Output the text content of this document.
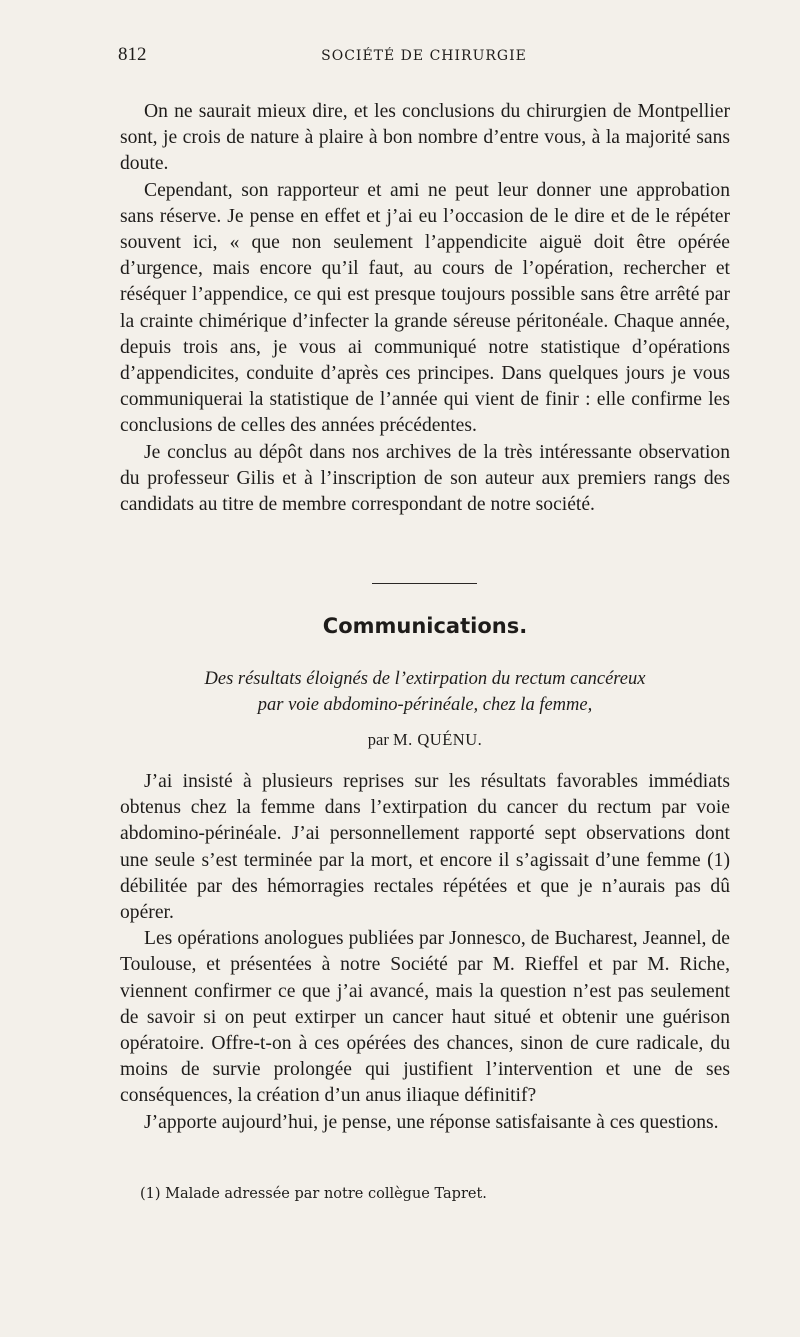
812	SOCIÉTÉ DE CHIRURGIE

On ne saurait mieux dire, et les conclusions du chirurgien de Montpellier sont, je crois de nature à plaire à bon nombre d’entre vous, à la majorité sans doute.

Cependant, son rapporteur et ami ne peut leur donner une approbation sans réserve. Je pense en effet et j’ai eu l’occasion de le dire et de le répéter souvent ici, « que non seulement l’appendicite aiguë doit être opérée d’urgence, mais encore qu’il faut, au cours de l’opération, rechercher et réséquer l’appendice, ce qui est presque toujours possible sans être arrêté par la crainte chimérique d’infecter la grande séreuse péritonéale. Chaque année, depuis trois ans, je vous ai communiqué notre statistique d’opérations d’appendicites, conduite d’après ces principes. Dans quelques jours je vous communiquerai la statistique de l’année qui vient de finir : elle confirme les conclusions de celles des années précédentes.

Je conclus au dépôt dans nos archives de la très intéressante observation du professeur Gilis et à l’inscription de son auteur aux premiers rangs des candidats au titre de membre correspondant de notre société.

Communications.
Des résultats éloignés de l’extirpation du rectum cancéreux
par voie abdomino-périnéale, chez la femme,
par M. QUÉNU.

J’ai insisté à plusieurs reprises sur les résultats favorables immédiats obtenus chez la femme dans l’extirpation du cancer du rectum par voie abdomino-périnéale. J’ai personnellement rapporté sept observations dont une seule s’est terminée par la mort, et encore il s’agissait d’une femme (1) débilitée par des hémorragies rectales répétées et que je n’aurais pas dû opérer.

Les opérations anologues publiées par Jonnesco, de Bucharest, Jeannel, de Toulouse, et présentées à notre Société par M. Rieffel et par M. Riche, viennent confirmer ce que j’ai avancé, mais la question n’est pas seulement de savoir si on peut extirper un cancer haut situé et obtenir une guérison opératoire. Offre-t-on à ces opérées des chances, sinon de cure radicale, du moins de survie prolongée qui justifient l’intervention et une de ses conséquences, la création d’un anus iliaque définitif?

J’apporte aujourd’hui, je pense, une réponse satisfaisante à ces questions.

(1) Malade adressée par notre collègue Tapret.
